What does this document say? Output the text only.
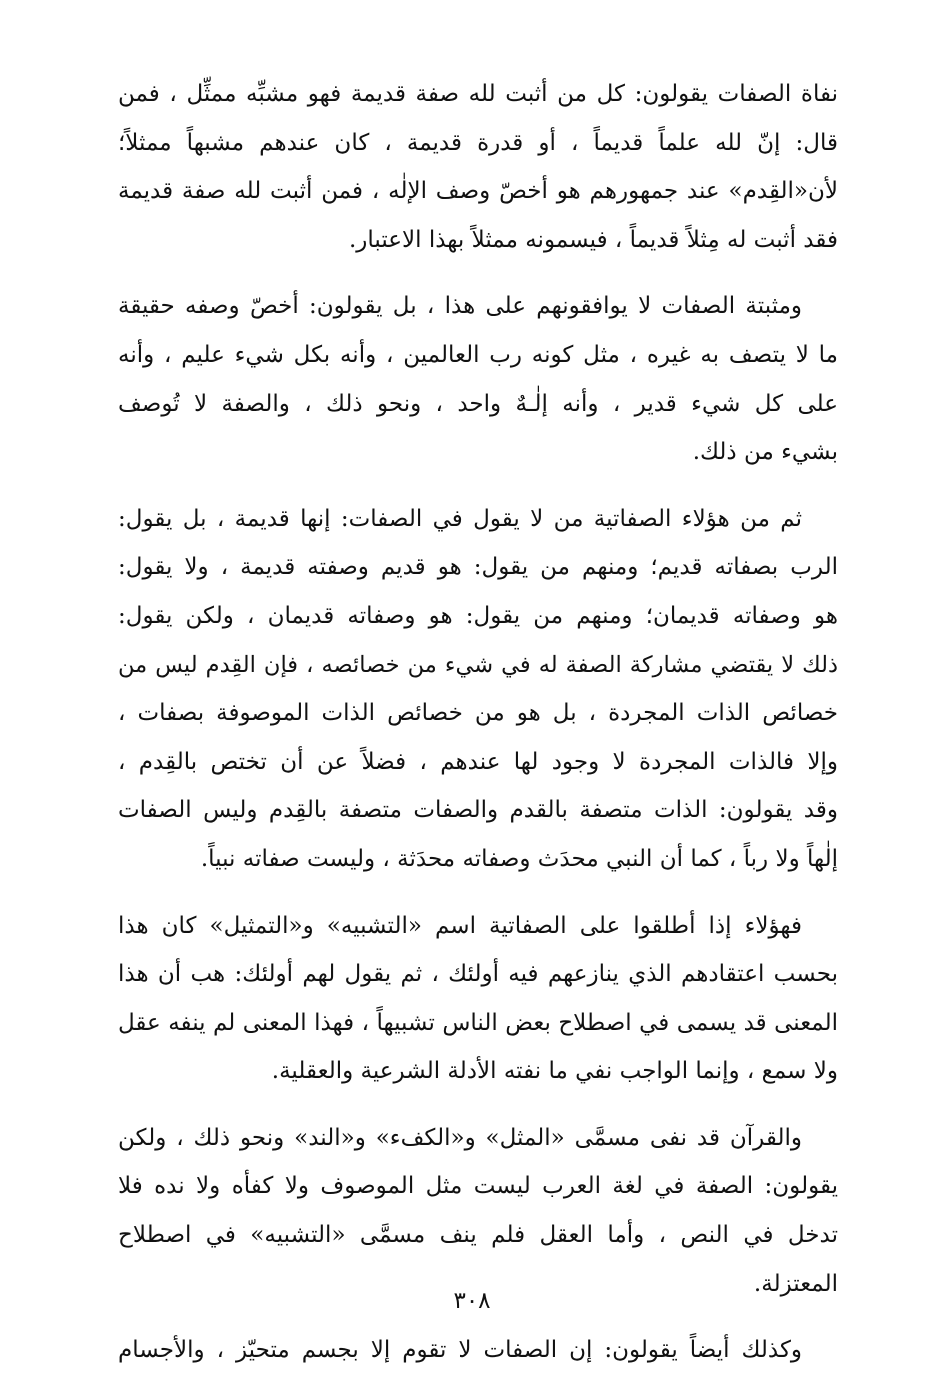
نفاة الصفات يقولون: كل من أثبت لله صفة قديمة فهو مشبِّه ممثِّل ، فمن
قال: إنّ لله علماً قديماً ، أو قدرة قديمة ، كان عندهم مشبهاً ممثلاً؛
لأن«القِدم» عند جمهورهم هو أخصّ وصف الإلٰه ، فمن أثبت لله صفة قديمة
فقد أثبت له مِثلاً قديماً ، فيسمونه ممثلاً بهذا الاعتبار.
ومثبتة الصفات لا يوافقونهم على هذا ، بل يقولون: أخصّ وصفه حقيقة
ما لا يتصف به غيره ، مثل كونه رب العالمين ، وأنه بكل شيء عليم ، وأنه
على كل شيء قدير ، وأنه إلٰـهٌ واحد ، ونحو ذلك ، والصفة لا تُوصف
بشيء من ذلك.
ثم من هؤلاء الصفاتية من لا يقول في الصفات: إنها قديمة ، بل يقول:
الرب بصفاته قديم؛ ومنهم من يقول: هو قديم وصفته قديمة ، ولا يقول:
هو وصفاته قديمان؛ ومنهم من يقول: هو وصفاته قديمان ، ولكن يقول:
ذلك لا يقتضي مشاركة الصفة له في شيء من خصائصه ، فإن القِدم ليس من
خصائص الذات المجردة ، بل هو من خصائص الذات الموصوفة بصفات ،
وإلا فالذات المجردة لا وجود لها عندهم ، فضلاً عن أن تختص بالقِدم ،
وقد يقولون: الذات متصفة بالقدم والصفات متصفة بالقِدم وليس الصفات
إلٰهاً ولا رباً ، كما أن النبي محدَث وصفاته محدَثة ، وليست صفاته نبياً.
فهؤلاء إذا أطلقوا على الصفاتية اسم «التشبيه» و«التمثيل» كان هذا
بحسب اعتقادهم الذي ينازعهم فيه أولئك ، ثم يقول لهم أولئك: هب أن هذا
المعنى قد يسمى في اصطلاح بعض الناس تشبيهاً ، فهذا المعنى لم ينفه عقل
ولا سمع ، وإنما الواجب نفي ما نفته الأدلة الشرعية والعقلية.
والقرآن قد نفى مسمَّى «المثل» و«الكفء» و«الند» ونحو ذلك ، ولكن
يقولون: الصفة في لغة العرب ليست مثل الموصوف ولا كفأه ولا نده فلا
تدخل في النص ، وأما العقل فلم ينف مسمَّى «التشبيه» في اصطلاح
المعتزلة.
وكذلك أيضاً يقولون: إن الصفات لا تقوم إلا بجسم متحيّز ، والأجسام
٣٠٨
